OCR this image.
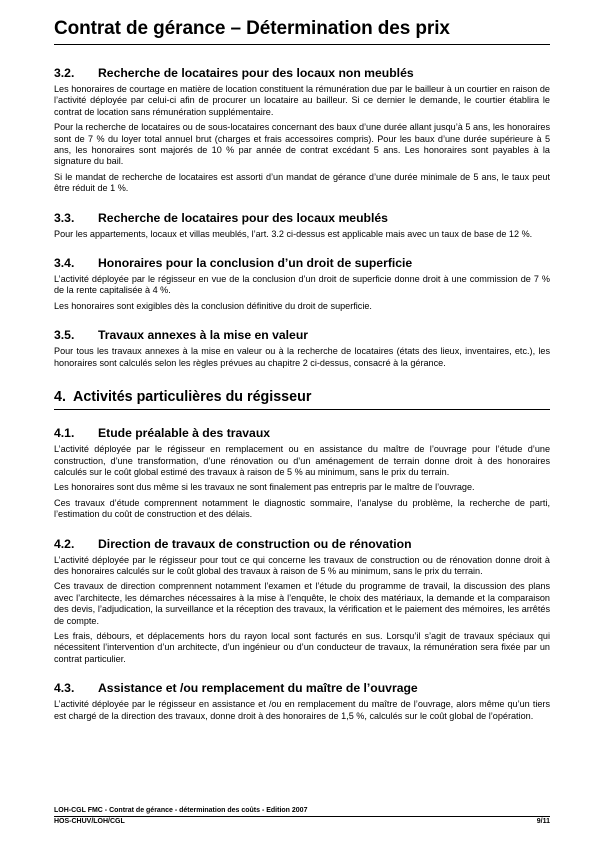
Contrat de gérance – Détermination des prix
3.2.	Recherche de locataires pour des locaux non meublés

Les honoraires de courtage en matière de location constituent la rémunération due par le bailleur à un courtier en raison de l’activité déployée par celui-ci afin de procurer un locataire au bailleur. Si ce dernier le demande, le courtier établira le contrat de location sans rémunération supplémentaire.

Pour la recherche de locataires ou de sous-locataires concernant des baux d’une durée allant jusqu’à 5 ans, les honoraires sont de 7 % du loyer total annuel brut (charges et frais accessoires compris). Pour les baux d’une durée supérieure à 5 ans, les honoraires sont majorés de 10 % par année de contrat excédant 5 ans. Les honoraires sont payables à la signature du bail.

Si le mandat de recherche de locataires est assorti d’un mandat de gérance d’une durée minimale de 5 ans, le taux peut être réduit de 1 %.

3.3.	Recherche de locataires pour des locaux meublés

Pour les appartements, locaux et villas meublés, l’art. 3.2 ci-dessus est applicable mais avec un taux de base de 12 %.

3.4.	Honoraires pour la conclusion d’un droit de superficie

L’activité déployée par le régisseur en vue de la conclusion d’un droit de superficie donne droit à une commission de 7 % de la rente capitalisée à 4 %.

Les honoraires sont exigibles dès la conclusion définitive du droit de superficie.

3.5.	Travaux annexes à la mise en valeur

Pour tous les travaux annexes à la mise en valeur ou à la recherche de locataires (états des lieux, inventaires, etc.), les honoraires sont calculés selon les règles prévues au chapitre 2 ci-dessus, consacré à la gérance.

4. Activités particulières du régisseur
4.1.	Etude préalable à des travaux

L’activité déployée par le régisseur en remplacement ou en assistance du maître de l’ouvrage pour l’étude d’une construction, d’une transformation, d’une rénovation ou d’un aménagement de terrain donne droit à des honoraires calculés sur le coût global estimé des travaux à raison de 5 % au minimum, sans le prix du terrain.

Les honoraires sont dus même si les travaux ne sont finalement pas entrepris par le maître de l’ouvrage.

Ces travaux d’étude comprennent notamment le diagnostic sommaire, l’analyse du problème, la recherche de parti, l’estimation du coût de construction et des délais.

4.2.	Direction de travaux de construction ou de rénovation

L’activité déployée par le régisseur pour tout ce qui concerne les travaux de construction ou de rénovation donne droit à des honoraires calculés sur le coût global des travaux à raison de 5 % au minimum, sans le prix du terrain.

Ces travaux de direction comprennent notamment l’examen et l’étude du programme de travail, la discussion des plans avec l’architecte, les démarches nécessaires à la mise à l’enquête, le choix des matériaux, la demande et la comparaison des devis, l’adjudication, la surveillance et la réception des travaux, la vérification et le paiement des mémoires, les arrêtés de compte.

Les frais, débours, et déplacements hors du rayon local sont facturés en sus. Lorsqu’il s’agit de travaux spéciaux qui nécessitent l’intervention d’un architecte, d’un ingénieur ou d’un conducteur de travaux, la rémunération sera fixée par un contrat particulier.

4.3.	Assistance et /ou remplacement du maître de l’ouvrage

L’activité déployée par le régisseur en assistance et /ou en remplacement du maître de l’ouvrage, alors même qu’un tiers est chargé de la direction des travaux, donne droit à des honoraires de 1,5 %, calculés sur le coût global de l’opération.

LOH-CGL FMC - Contrat de gérance - détermination des coûts - Edition 2007
HOS-CHUV/LOH/CGL	9/11
